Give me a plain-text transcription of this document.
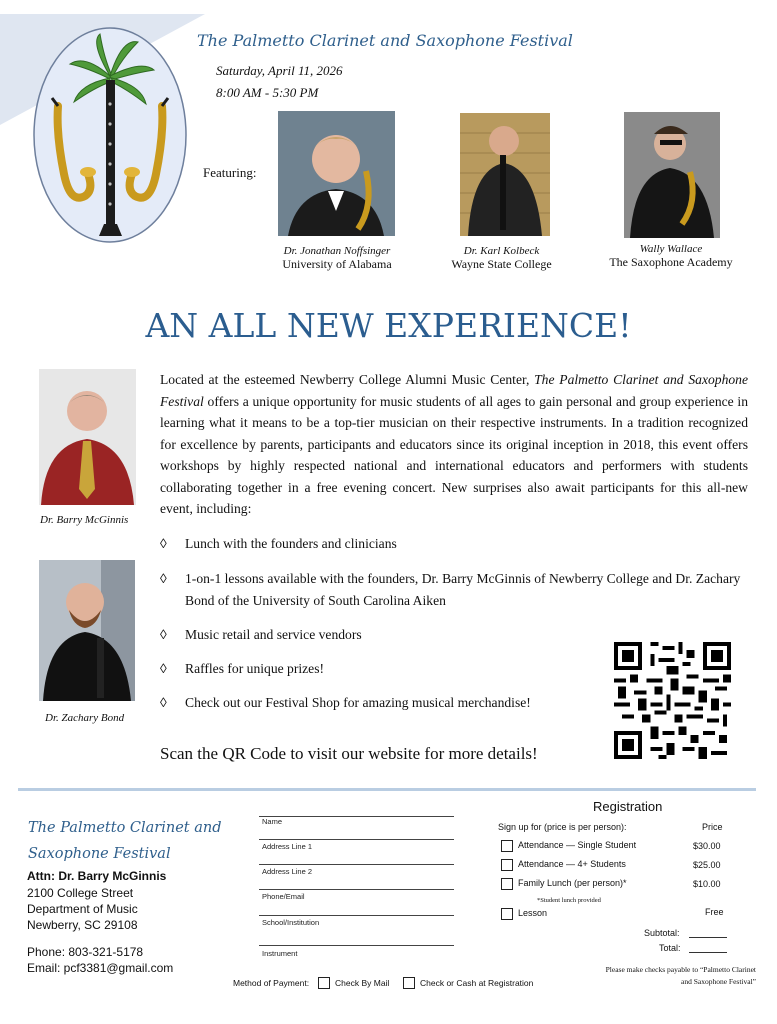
The Palmetto Clarinet and Saxophone Festival
Saturday, April 11, 2026
8:00 AM - 5:30 PM
Featuring:
Dr. Jonathan Noffsinger
University of Alabama
Dr. Karl Kolbeck
Wayne State College
Wally Wallace
The Saxophone Academy
AN ALL NEW EXPERIENCE!
Dr. Barry McGinnis
Dr. Zachary Bond
Located at the esteemed Newberry College Alumni Music Center, The Palmetto Clarinet and Saxophone Festival offers a unique opportunity for music students of all ages to gain personal and group experience in learning what it means to be a top-tier musician on their respective instruments. In a tradition recognized for excellence by parents, participants and educators since its original inception in 2018, this event offers workshops by highly respected national and international educators and performers with students collaborating together in a free evening concert. New surprises also await participants for this all-new event, including:
◊ Lunch with the founders and clinicians
◊ 1-on-1 lessons available with the founders, Dr. Barry McGinnis of Newberry College and Dr. Zachary Bond of the University of South Carolina Aiken
◊ Music retail and service vendors
◊ Raffles for unique prizes!
◊ Check out our Festival Shop for amazing musical merchandise!
Scan the QR Code to visit our website for more details!
The Palmetto Clarinet and
Saxophone Festival
Attn: Dr. Barry McGinnis
2100 College Street
Department of Music
Newberry, SC 29108
Phone: 803-321-5178
Email: pcf3381@gmail.com
Name
Address Line 1
Address Line 2
Phone/Email
School/Institution
Instrument
Method of Payment:	Check By Mail	Check or Cash at Registration
Registration
Sign up for (price is per person):	Price
Attendance — Single Student	$30.00
Attendance — 4+ Students	$25.00
Family Lunch (per person)*	$10.00
*Student lunch provided
Lesson	Free
Subtotal:
Total:
Please make checks payable to “Palmetto Clarinet and Saxophone Festival”
